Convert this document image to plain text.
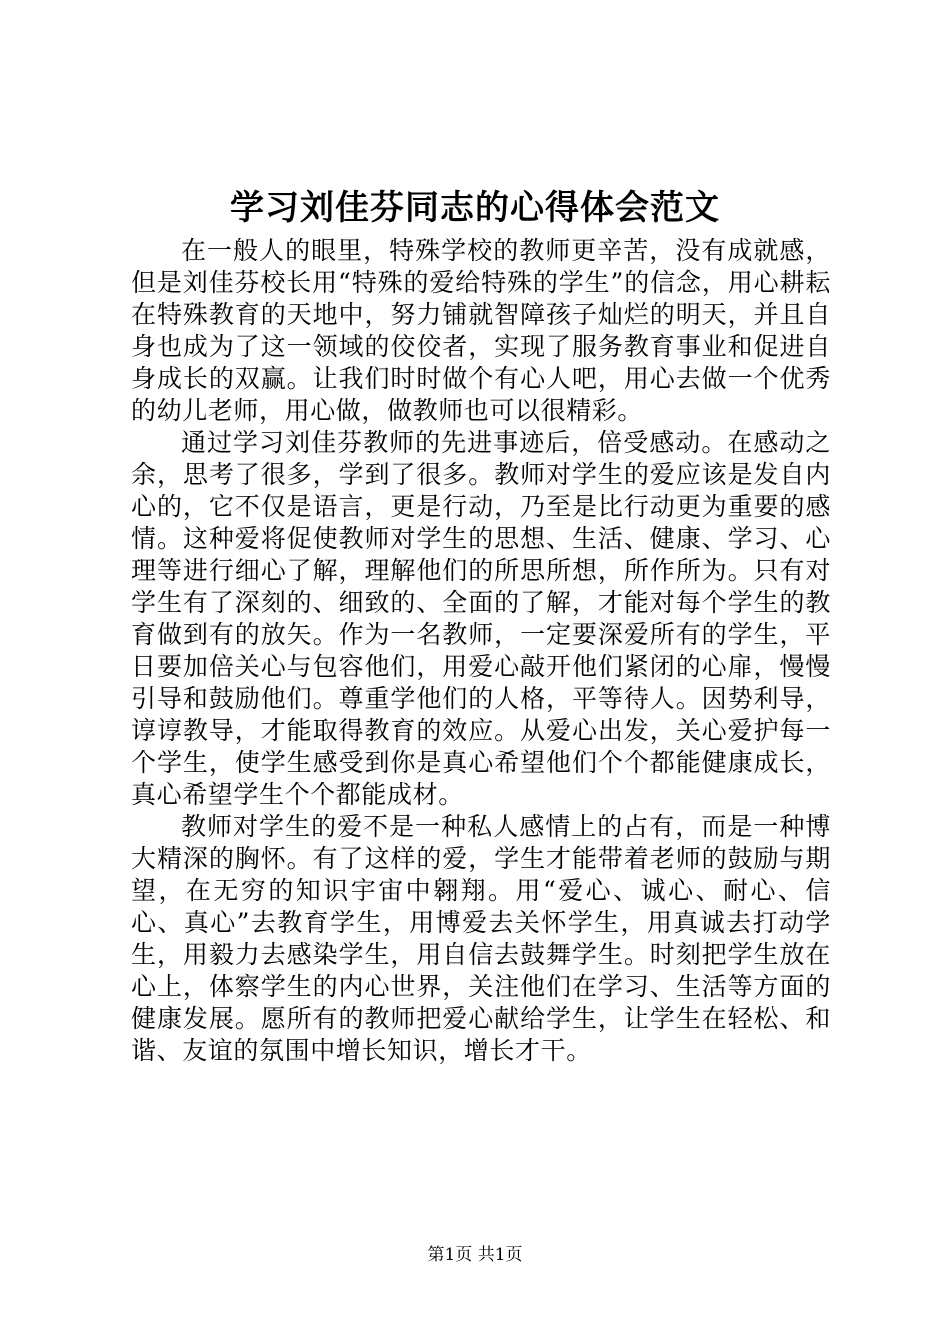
学习刘佳芬同志的心得体会范文

在一般人的眼里，特殊学校的教师更辛苦，没有成就感，但是刘佳芬校长用“特殊的爱给特殊的学生”的信念，用心耕耘在特殊教育的天地中，努力铺就智障孩子灿烂的明天，并且自身也成为了这一领域的佼佼者，实现了服务教育事业和促进自身成长的双赢。让我们时时做个有心人吧，用心去做一个优秀的幼儿老师，用心做，做教师也可以很精彩。

通过学习刘佳芬教师的先进事迹后，倍受感动。在感动之余，思考了很多，学到了很多。教师对学生的爱应该是发自内心的，它不仅是语言，更是行动，乃至是比行动更为重要的感情。这种爱将促使教师对学生的思想、生活、健康、学习、心理等进行细心了解，理解他们的所思所想，所作所为。只有对学生有了深刻的、细致的、全面的了解，才能对每个学生的教育做到有的放矢。作为一名教师，一定要深爱所有的学生，平日要加倍关心与包容他们，用爱心敲开他们紧闭的心扉，慢慢引导和鼓励他们。尊重学他们的人格，平等待人。因势利导，谆谆教导，才能取得教育的效应。从爱心出发，关心爱护每一个学生，使学生感受到你是真心希望他们个个都能健康成长，真心希望学生个个都能成材。

教师对学生的爱不是一种私人感情上的占有，而是一种博大精深的胸怀。有了这样的爱，学生才能带着老师的鼓励与期望，在无穷的知识宇宙中翱翔。用“爱心、诚心、耐心、信心、真心”去教育学生，用博爱去关怀学生，用真诚去打动学生，用毅力去感染学生，用自信去鼓舞学生。时刻把学生放在心上，体察学生的内心世界，关注他们在学习、生活等方面的健康发展。愿所有的教师把爱心献给学生，让学生在轻松、和谐、友谊的氛围中增长知识，增长才干。

第1页 共1页
